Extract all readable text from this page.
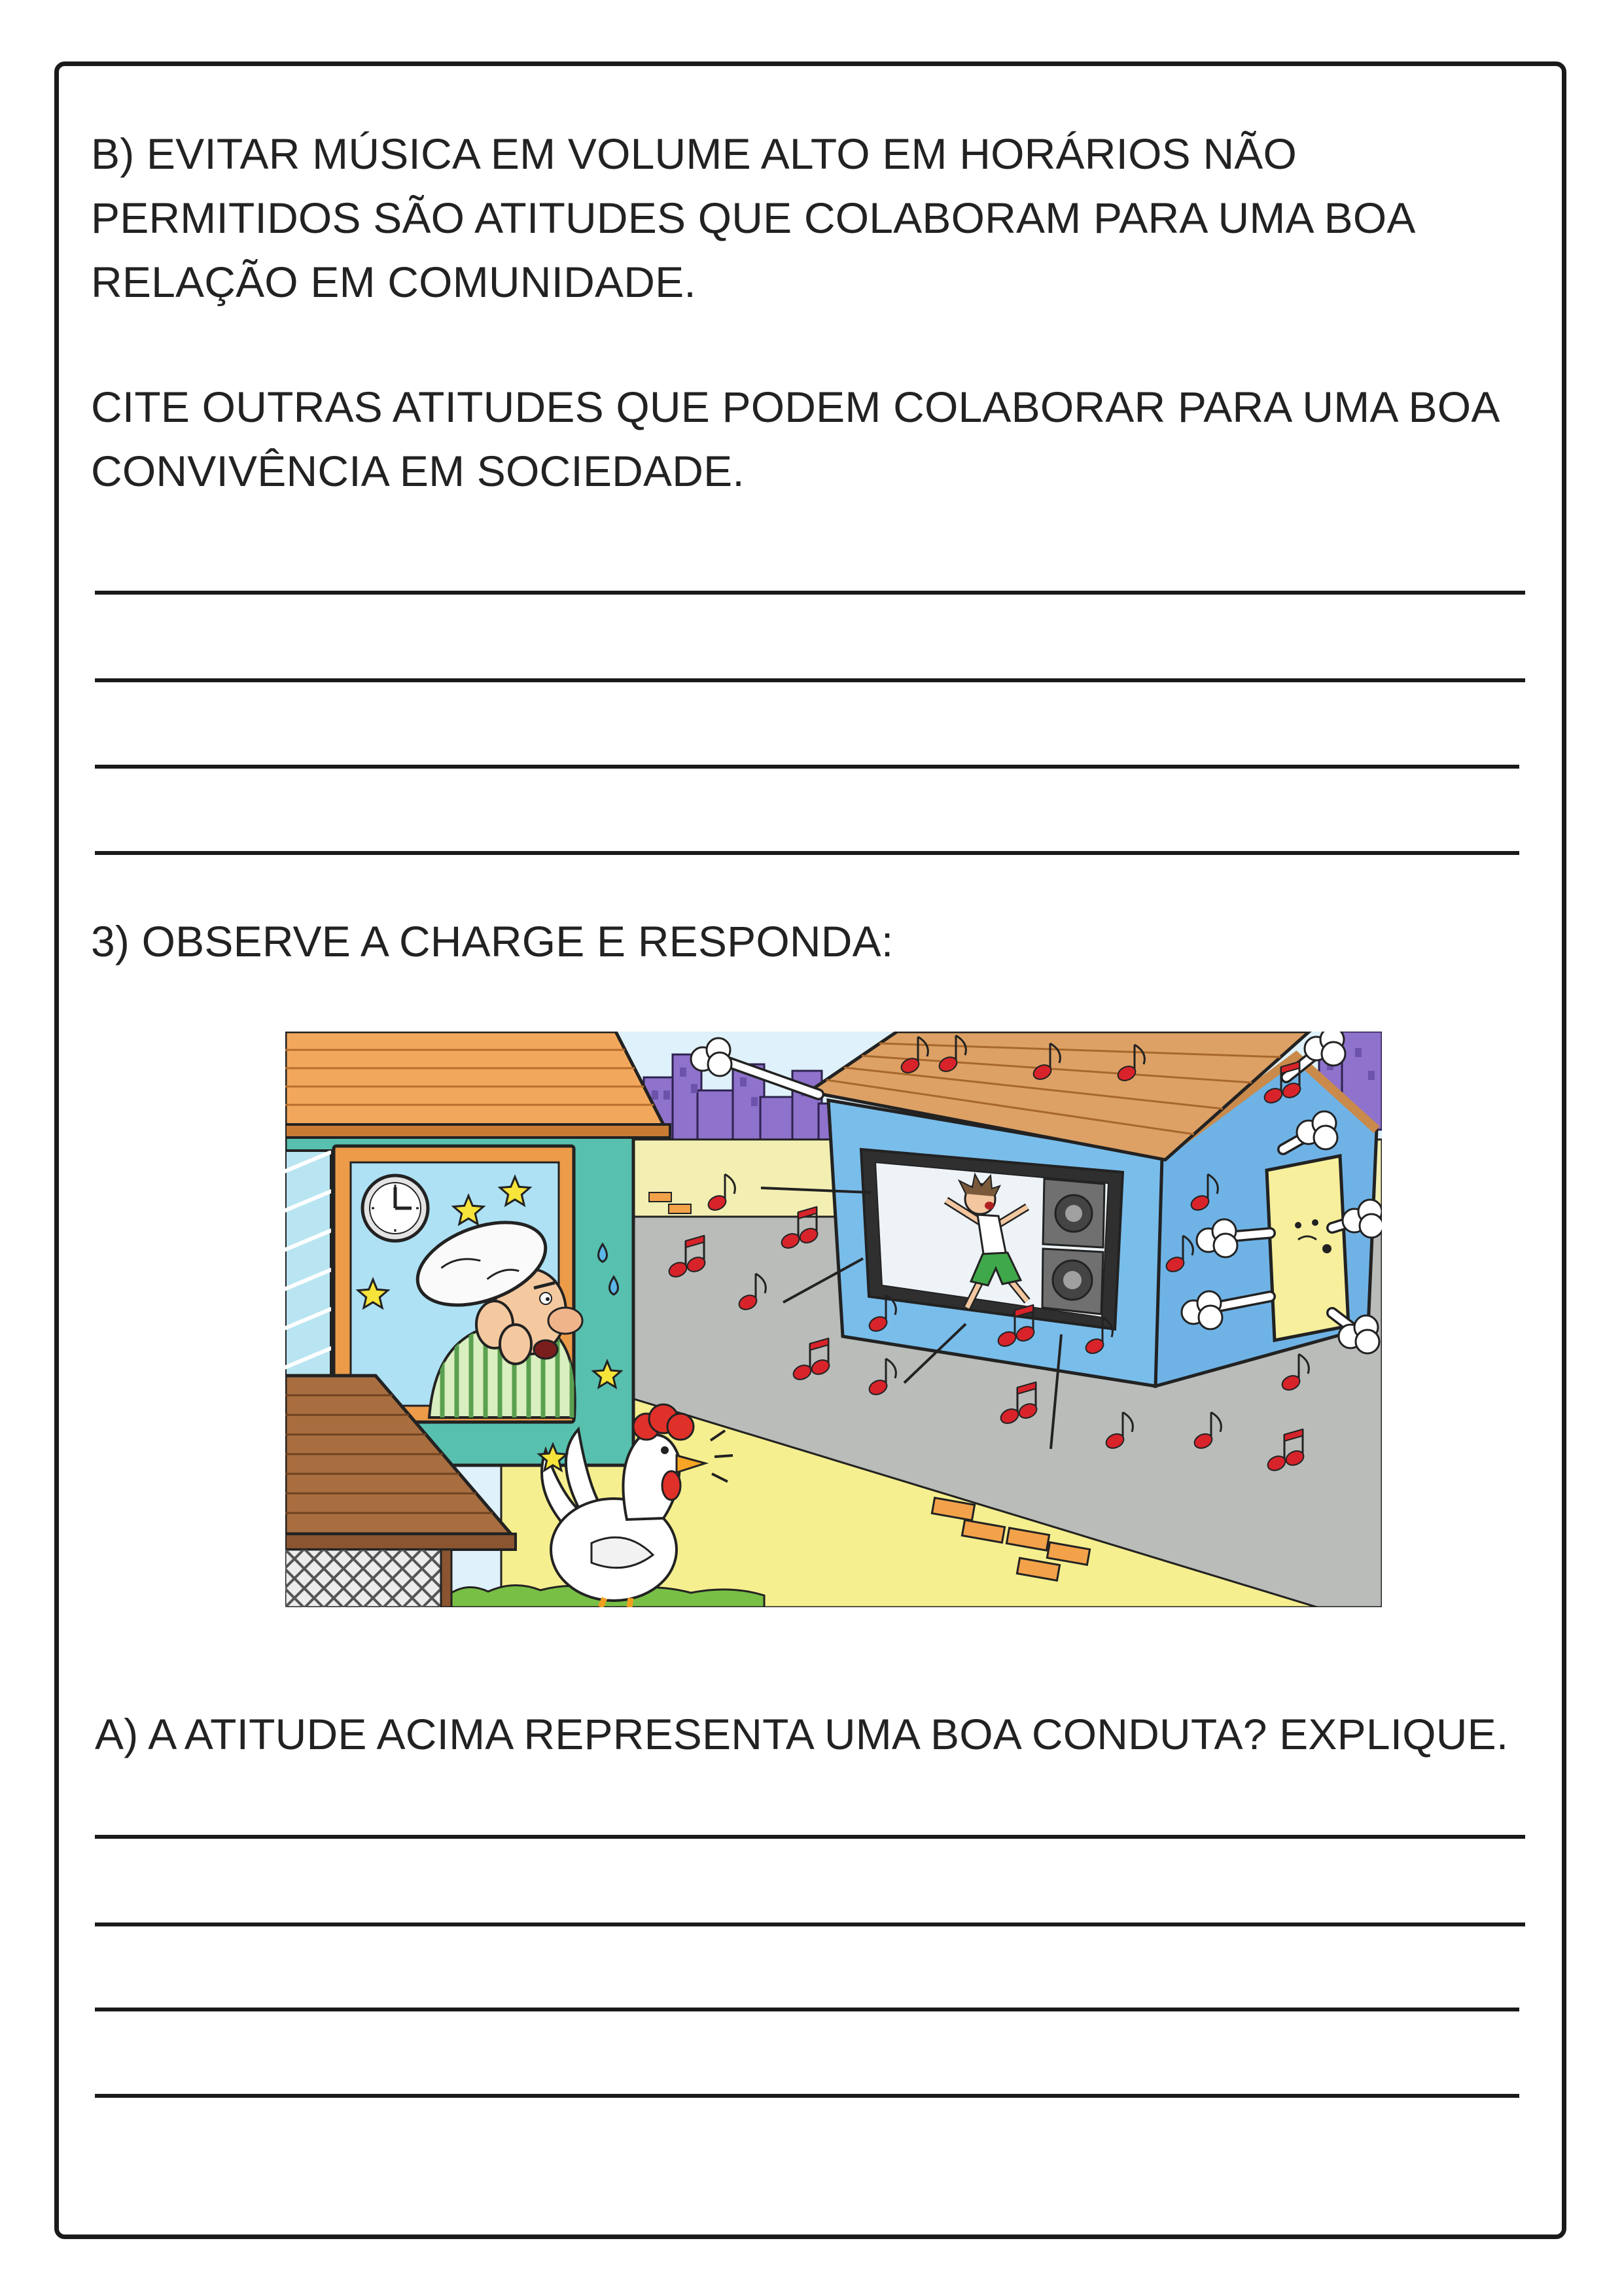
B) EVITAR MÚSICA EM VOLUME ALTO EM HORÁRIOS NÃO
PERMITIDOS SÃO ATITUDES QUE COLABORAM PARA UMA BOA
RELAÇÃO EM COMUNIDADE.
CITE OUTRAS ATITUDES QUE PODEM COLABORAR PARA UMA BOA
CONVIVÊNCIA EM SOCIEDADE.
3) OBSERVE A CHARGE E RESPONDA:
A) A ATITUDE ACIMA REPRESENTA UMA BOA CONDUTA? EXPLIQUE.
